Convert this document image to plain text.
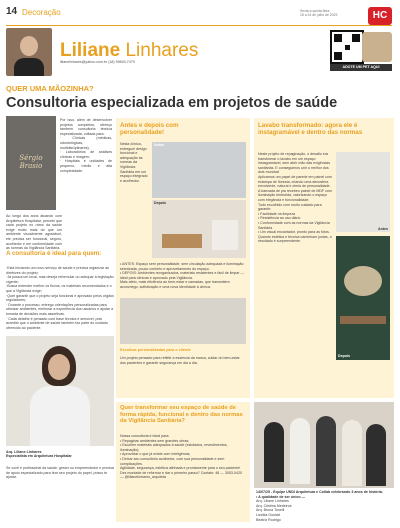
14 Decoração
Liliane Linhares
lilianelinhares@yahoo.com.br (18) 99693-7479
Sexta a quinta-feira
18 a 24 de julho de 2025	HC
ADOTE UM PET AQUI
QUER UMA MÃOZINHA?
Consultoria especializada em projetos de saúde
Sérgio Brasio
Ao longo dos anos atuando com Arquitetura Hospitalar, percebi que cada projeto no ramo da saúde exige muito mais do que um ambiente visualmente agradável, ele precisa ser funcional, seguro, acolhedor e em conformidade com as normas da Vigilância Sanitária.
Por isso, além de desenvolver projetos completos, ofereço também consultoria técnica especializada, voltada para:
· Clínicas (médicas, odontológicas, multidisciplinares);
· Laboratórios de análises clínicas e imagem;
· Hospitais e unidades de pequeno, médio e alta complexidade.
A consultoria é ideal para quem:
·Está iniciando um novo serviço de saúde e precisa organizar as diretrizes do projeto;
·Já possui um local, mas deseja reformular ou adequar à legislação vigente;
·Busca entender melhor os fluxos, os materiais recomendados e o que a Vigilância exige;
·Quer garantir que o projeto seja funcional e aprovado pelos órgãos reguladores;
· Durante o processo, entrego orientações personalizadas para otimizar ambientes, melhorar a experiência dos usuários e ajudar a tomada de decisões mais assertivas.
· Cada detalhe é pensado com base técnica e sensível, pois acredito que o ambiente de saúde também faz parte do cuidado oferecido ao paciente.
Arq. Liliane Linhares
Especialista em Arquitetura Hospitalar
Se você é profissional da saúde, gestor ou empreendedor e precisa de apoio especializado para tirar seu projeto do papel, posso te ajudar.
Antes e depois com personalidade!
Nesta clínica, entreguei design funcional e adequação às normas da Vigilância Sanitária em um espaço integrado e acolhedor.
Antes
Depois
• ANTES: Espaço sem personalidade, sem circulação adequada e iluminação setorizada, pouco conforto e aproveitamento do espaço.
• DEPOIS: Ambientes reorganizados, materiais resistentes e fácil de limpar — ideal para clínicas e aprovado pela Vigilância.
Mais afeto, mais eficiência ao bem-estar e camadas, que transmitem aconchego, sofisticação e uma nova identidade à clínica.
Escolhas personalizadas para o cliente
Um projeto pensado para refletir a essência da marca, cuidar do bem-estar dos pacientes e garantir segurança em dia a dia.
Lavabo transformado: agora ele é instagramável e dentro das normas
Neste projeto de repaginação, o desafio era transformar o lavabo em um espaço instagramável, sem abrir mão das exigências sanitárias. E conseguimos unir o melhor dos dois mundos!
Aplicamos um papel de parede em painel com estampa de floresta, criando uma atmosfera envolvente, natural e cheia de personalidade.
A bancada de pia recebeu painel de MDF com iluminação embutida, valorizando o espaço com elegância e funcionalidade.
Tudo escolhido com muito cuidado para garantir:
• Facilidade na limpeza
• Resistência ao uso diário
• Conformidade com as normas da Vigilância Sanitária
• Um visual encantador, pronto para as fotos.
Quando estética e técnica caminham juntas, o resultado é surpreendente.
Antes
Depois
Quer transformar seu espaço de saúde de forma rápida, funcional e dentro das normas da Vigilância Sanitária?
Nossa consultoria é ideal para:
• Repaginar ambientes sem grandes obras;
• Escolher materiais adequados à saúde (estofados, revestimentos, iluminação);
• Aproveitar o que já existe com inteligência;
• Deixar seu consultório acolhedor, com sua personalidade e sem complicações.
Agilidade, segurança, estética alinhada e prontamente para o seu paciente!
Dez montade de reformar e dar o primeiro passo? Contato: 48 — 3053-0420 — @lilianelinhares_arquiteta
14/07/25 - Equipe UNDI Arquitetura e Collab celebrando 3 anos de história.
• A qualidade de ser único —
Arq. Liliane Linhares
Arq. Cristina Medeiros
Arq. Bruna Tonelli
Lizelda Goulart
Beatriz Rodrigo
